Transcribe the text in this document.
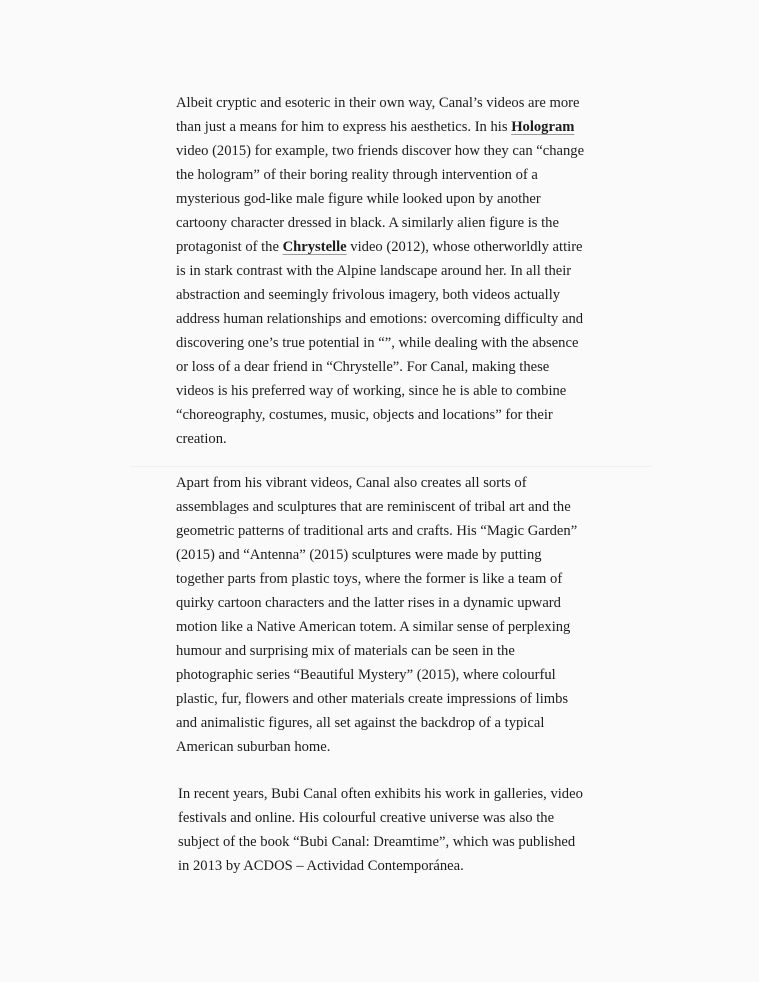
Albeit cryptic and esoteric in their own way, Canal’s videos are more than just a means for him to express his aesthetics. In his Hologram video (2015) for example, two friends discover how they can “change the hologram” of their boring reality through intervention of a mysterious god-like male figure while looked upon by another cartoony character dressed in black. A similarly alien figure is the protagonist of the Chrystelle video (2012), whose otherworldly attire is in stark contrast with the Alpine landscape around her. In all their abstraction and seemingly frivolous imagery, both videos actually address human relationships and emotions: overcoming difficulty and discovering one’s true potential in “”, while dealing with the absence or loss of a dear friend in “Chrystelle”. For Canal, making these videos is his preferred way of working, since he is able to combine “choreography, costumes, music, objects and locations” for their creation.

Apart from his vibrant videos, Canal also creates all sorts of assemblages and sculptures that are reminiscent of tribal art and the geometric patterns of traditional arts and crafts. His “Magic Garden” (2015) and “Antenna” (2015) sculptures were made by putting together parts from plastic toys, where the former is like a team of quirky cartoon characters and the latter rises in a dynamic upward motion like a Native American totem. A similar sense of perplexing humour and surprising mix of materials can be seen in the photographic series “Beautiful Mystery” (2015), where colourful plastic, fur, flowers and other materials create impressions of limbs and animalistic figures, all set against the backdrop of a typical American suburban home.

In recent years, Bubi Canal often exhibits his work in galleries, video festivals and online. His colourful creative universe was also the subject of the book “Bubi Canal: Dreamtime”, which was published in 2013 by ACDOS – Actividad Contemporánea.
